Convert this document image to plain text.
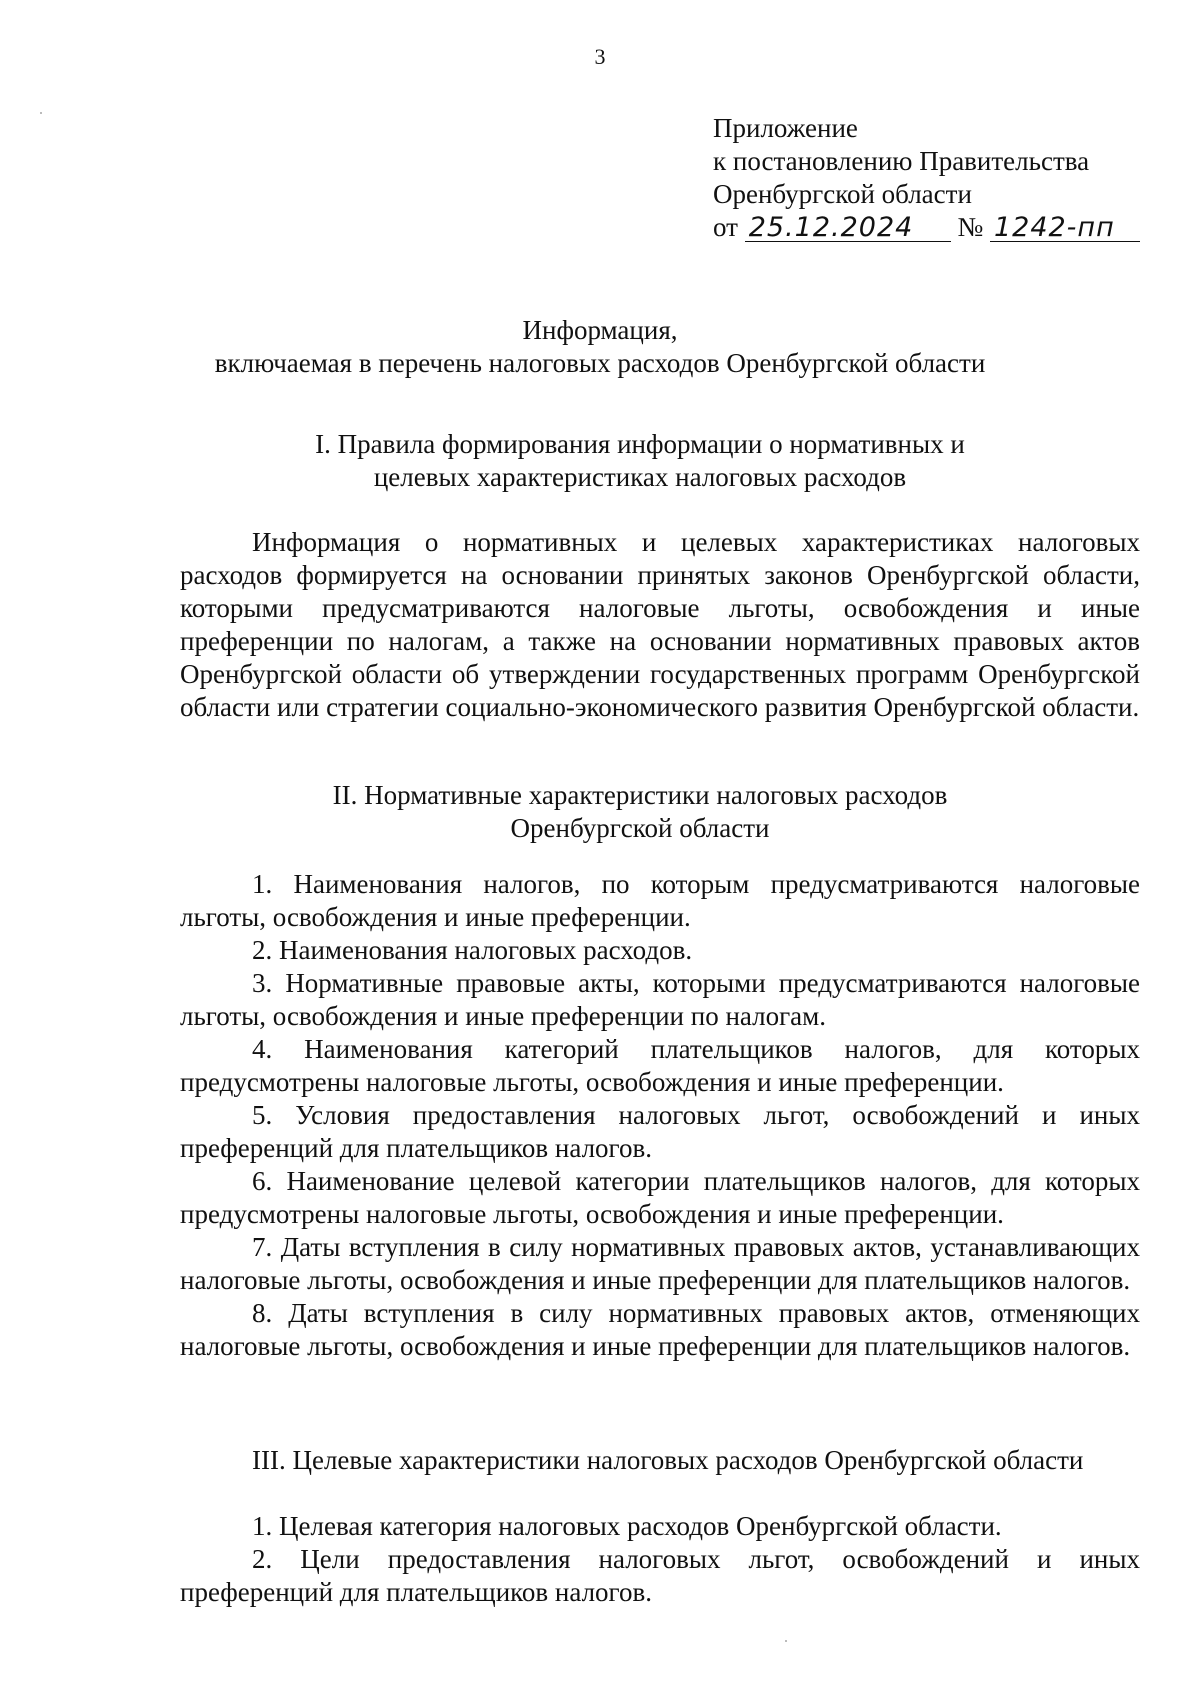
3
Приложение
к постановлению Правительства
Оренбургской области
от 25.12.2024 № 1242-пп
Информация,
включаемая в перечень налоговых расходов Оренбургской области
I. Правила формирования информации о нормативных и
целевых характеристиках налоговых расходов

Информация о нормативных и целевых характеристиках налоговых расходов формируется на основании принятых законов Оренбургской области, которыми предусматриваются налоговые льготы, освобождения и иные преференции по налогам, а также на основании нормативных правовых актов Оренбургской области об утверждении государственных программ Оренбургской области или стратегии социально-экономического развития Оренбургской области.

II. Нормативные характеристики налоговых расходов
Оренбургской области

1. Наименования налогов, по которым предусматриваются налоговые льготы, освобождения и иные преференции.

2. Наименования налоговых расходов.

3. Нормативные правовые акты, которыми предусматриваются налоговые льготы, освобождения и иные преференции по налогам.

4. Наименования категорий плательщиков налогов, для которых предусмотрены налоговые льготы, освобождения и иные преференции.

5. Условия предоставления налоговых льгот, освобождений и иных преференций для плательщиков налогов.

6. Наименование целевой категории плательщиков налогов, для которых предусмотрены налоговые льготы, освобождения и иные преференции.

7. Даты вступления в силу нормативных правовых актов, устанавливающих налоговые льготы, освобождения и иные преференции для плательщиков налогов.

8. Даты вступления в силу нормативных правовых актов, отменяющих налоговые льготы, освобождения и иные преференции для плательщиков налогов.

III. Целевые характеристики налоговых расходов Оренбургской области

1. Целевая категория налоговых расходов Оренбургской области.

2. Цели предоставления налоговых льгот, освобождений и иных преференций для плательщиков налогов.
